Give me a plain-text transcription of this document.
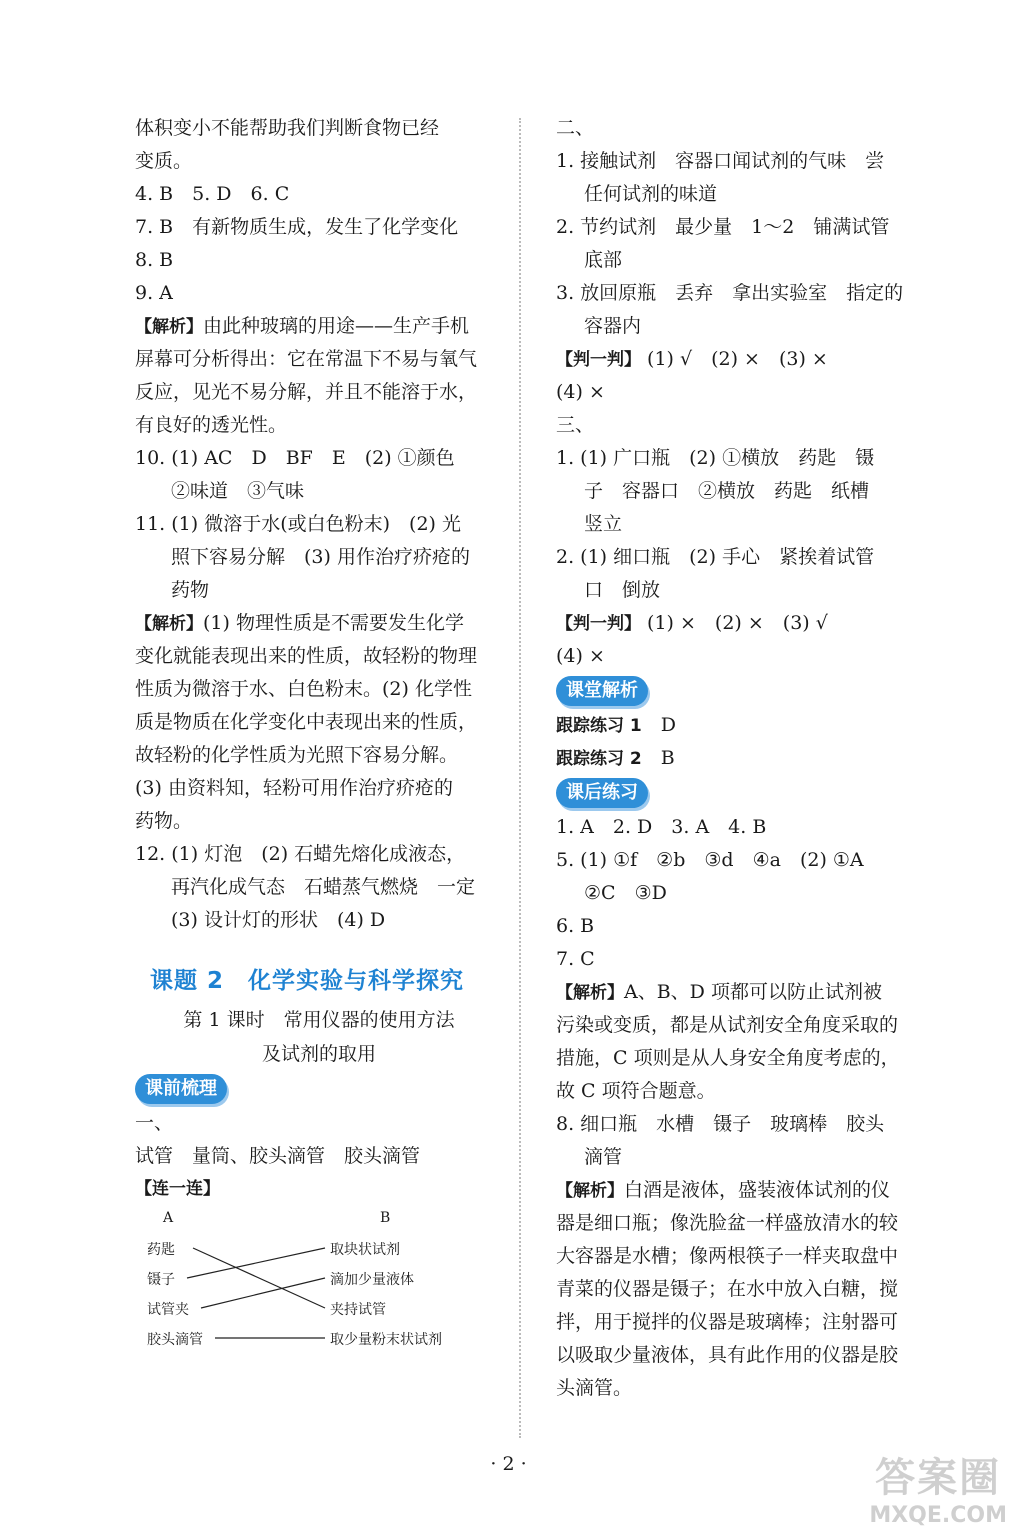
体积变小不能帮助我们判断食物已经
变质。
4. B　5. D　6. C
7. B　有新物质生成，发生了化学变化
8. B
9. A
【解析】由此种玻璃的用途——生产手机
屏幕可分析得出：它在常温下不易与氧气
反应，见光不易分解，并且不能溶于水，
有良好的透光性。
10. (1) AC　D　BF　E　(2) ①颜色
②味道　③气味
11. (1) 微溶于水(或白色粉末)　(2) 光
照下容易分解　(3) 用作治疗疥疮的
药物
【解析】(1) 物理性质是不需要发生化学
变化就能表现出来的性质，故轻粉的物理
性质为微溶于水、白色粉末。(2) 化学性
质是物质在化学变化中表现出来的性质，
故轻粉的化学性质为光照下容易分解。
(3) 由资料知，轻粉可用作治疗疥疮的
药物。
12. (1) 灯泡　(2) 石蜡先熔化成液态，
再汽化成气态　石蜡蒸气燃烧　一定
(3) 设计灯的形状　(4) D
课题 2　化学实验与科学探究
第 1 课时　常用仪器的使用方法
及试剂的取用
课前梳理
一、
试管　量筒、胶头滴管　胶头滴管
【连一连】
A	B
药匙
镊子
试管夹
胶头滴管
取块状试剂
滴加少量液体
夹持试管
取少量粉末状试剂
二、
1. 接触试剂　容器口闻试剂的气味　尝
任何试剂的味道
2. 节约试剂　最少量　1～2　铺满试管
底部
3. 放回原瓶　丢弃　拿出实验室　指定的
容器内
【判一判】 (1) √　(2) ×　(3) ×
(4) ×
三、
1. (1) 广口瓶　(2) ①横放　药匙　镊
子　容器口　②横放　药匙　纸槽
竖立
2. (1) 细口瓶　(2) 手心　紧挨着试管
口　倒放
【判一判】 (1) ×　(2) ×　(3) √
(4) ×
课堂解析
跟踪练习 1　 D
跟踪练习 2　 B
课后练习
1. A　2. D　3. A　4. B
5. (1) ①f　②b　③d　④a　(2) ①A
②C　③D
6. B
7. C
【解析】A、B、D 项都可以防止试剂被
污染或变质，都是从试剂安全角度采取的
措施，C 项则是从人身安全角度考虑的，
故 C 项符合题意。
8. 细口瓶　水槽　镊子　玻璃棒　胶头
滴管
【解析】白酒是液体，盛装液体试剂的仪
器是细口瓶；像洗脸盆一样盛放清水的较
大容器是水槽；像两根筷子一样夹取盘中
青菜的仪器是镊子；在水中放入白糖，搅
拌，用于搅拌的仪器是玻璃棒；注射器可
以吸取少量液体，具有此作用的仪器是胶
头滴管。
· 2 ·	答案圈
MXQE.COM
